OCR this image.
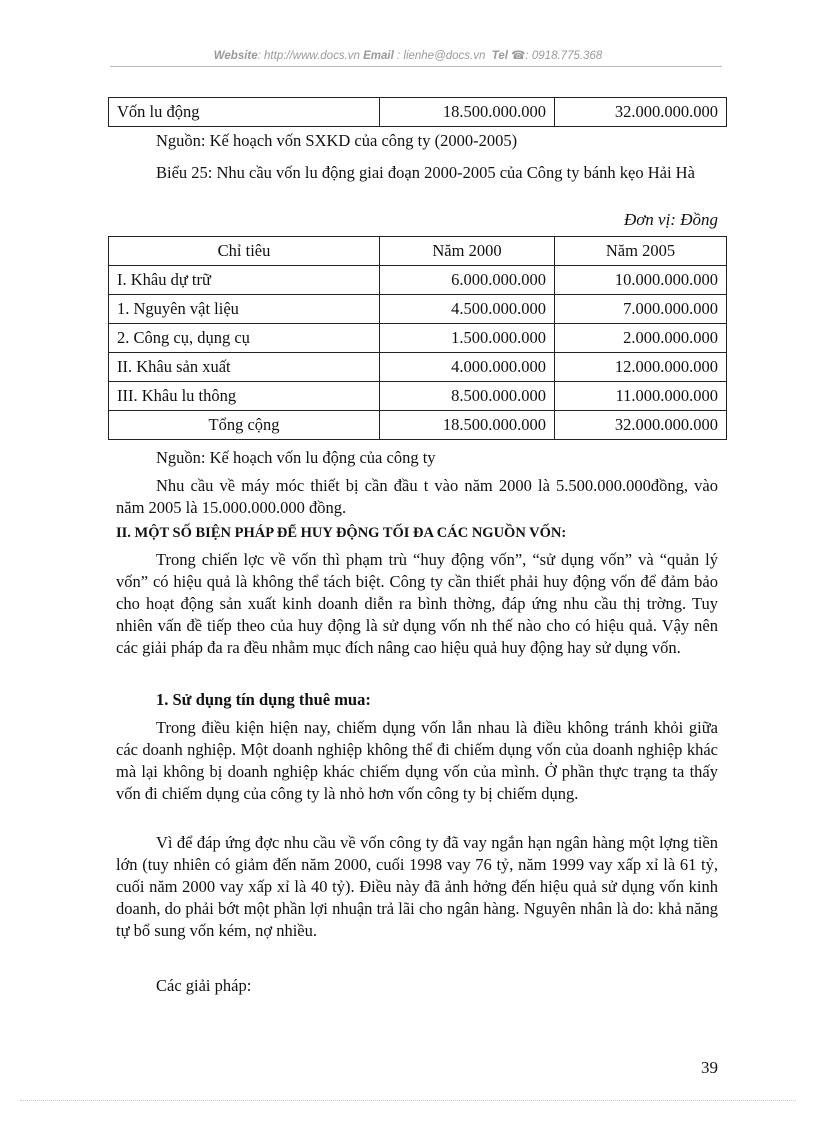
Website: http://www.docs.vn Email : lienhe@docs.vn Tel ☎: 0918.775.368
Vốn lu động	18.500.000.000	32.000.000.000

Nguồn: Kế hoạch vốn SXKD của công ty (2000-2005)

Biểu 25: Nhu cầu vốn lu động giai đoạn 2000-2005 của Công ty bánh kẹo Hải Hà

Đơn vị: Đồng
Chỉ tiêu	Năm 2000	Năm 2005
I. Khâu dự trữ	6.000.000.000	10.000.000.000
1. Nguyên vật liệu	4.500.000.000	7.000.000.000
2. Công cụ, dụng cụ	1.500.000.000	2.000.000.000
II. Khâu sản xuất	4.000.000.000	12.000.000.000
III. Khâu lu thông	8.500.000.000	11.000.000.000
Tổng cộng	18.500.000.000	32.000.000.000

Nguồn: Kế hoạch vốn lu động của công ty

Nhu cầu về máy móc thiết bị cần đầu t vào năm 2000 là 5.500.000.000đồng, vào năm 2005 là 15.000.000.000 đồng.

II. MỘT SỐ BIỆN PHÁP ĐỂ HUY ĐỘNG TỐI ĐA CÁC NGUỒN VỐN:

Trong chiến lợc về vốn thì phạm trù “huy động vốn”, “sử dụng vốn” và “quản lý vốn” có hiệu quả là không thể tách biệt. Công ty cần thiết phải huy động vốn để đảm bảo cho hoạt động sản xuất kinh doanh diễn ra bình thờng, đáp ứng nhu cầu thị trờng. Tuy nhiên vấn đề tiếp theo của huy động là sử dụng vốn nh thế nào cho có hiệu quả. Vậy nên các giải pháp đa ra đều nhằm mục đích nâng cao hiệu quả huy động hay sử dụng vốn.

1. Sử dụng tín dụng thuê mua:

Trong điều kiện hiện nay, chiếm dụng vốn lẫn nhau là điều không tránh khỏi giữa các doanh nghiệp. Một doanh nghiệp không thể đi chiếm dụng vốn của doanh nghiệp khác mà lại không bị doanh nghiệp khác chiếm dụng vốn của mình. Ở phần thực trạng ta thấy vốn đi chiếm dụng của công ty là nhỏ hơn vốn công ty bị chiếm dụng.

Vì để đáp ứng đợc nhu cầu về vốn công ty đã vay ngắn hạn ngân hàng một lợng tiền lớn (tuy nhiên có giảm đến năm 2000, cuối 1998 vay 76 tỷ, năm 1999 vay xấp xỉ là 61 tỷ, cuối năm 2000 vay xấp xỉ là 40 tỷ). Điều này đã ảnh hởng đến hiệu quả sử dụng vốn kinh doanh, do phải bớt một phần lợi nhuận trả lãi cho ngân hàng. Nguyên nhân là do: khả năng tự bổ sung vốn kém, nợ nhiều.

Các giải pháp:

39
